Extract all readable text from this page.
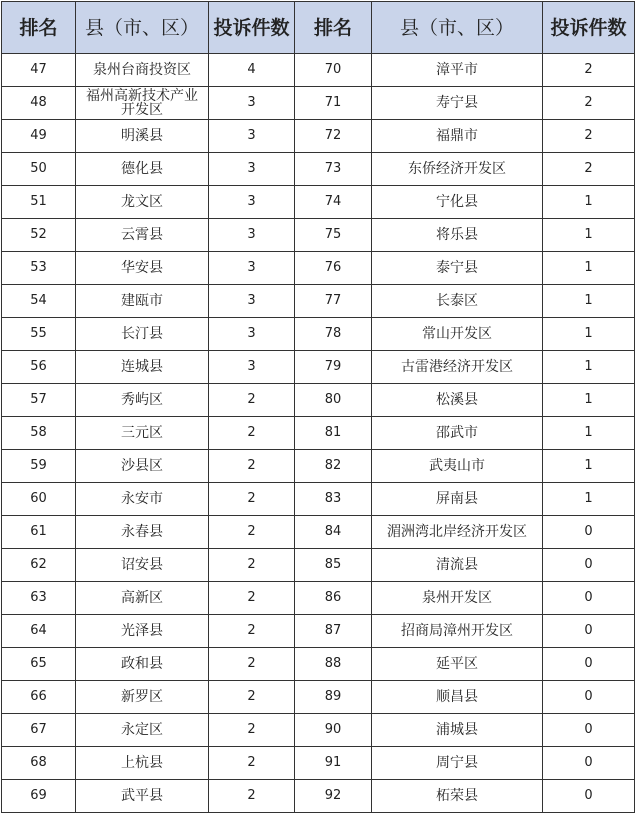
排名	县（市、区）	投诉件数	排名	县（市、区）	投诉件数
47	泉州台商投资区	4	70	漳平市	2
48	福州高新技术产业开发区	3	71	寿宁县	2
49	明溪县	3	72	福鼎市	2
50	德化县	3	73	东侨经济开发区	2
51	龙文区	3	74	宁化县	1
52	云霄县	3	75	将乐县	1
53	华安县	3	76	泰宁县	1
54	建瓯市	3	77	长泰区	1
55	长汀县	3	78	常山开发区	1
56	连城县	3	79	古雷港经济开发区	1
57	秀屿区	2	80	松溪县	1
58	三元区	2	81	邵武市	1
59	沙县区	2	82	武夷山市	1
60	永安市	2	83	屏南县	1
61	永春县	2	84	湄洲湾北岸经济开发区	0
62	诏安县	2	85	清流县	0
63	高新区	2	86	泉州开发区	0
64	光泽县	2	87	招商局漳州开发区	0
65	政和县	2	88	延平区	0
66	新罗区	2	89	顺昌县	0
67	永定区	2	90	浦城县	0
68	上杭县	2	91	周宁县	0
69	武平县	2	92	柘荣县	0
